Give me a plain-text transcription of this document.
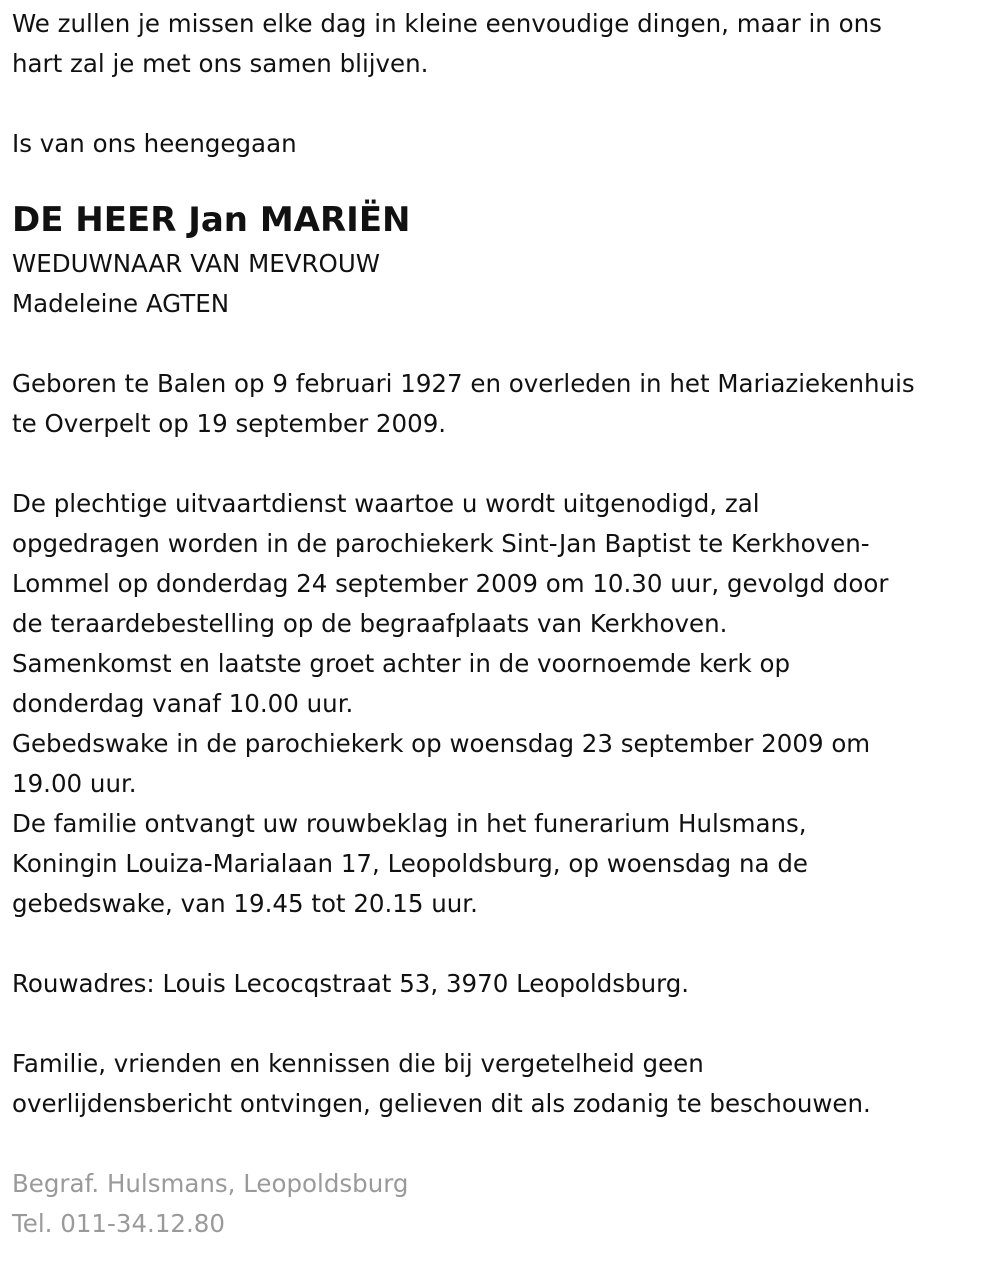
We zullen je missen elke dag in kleine eenvoudige dingen, maar in ons
hart zal je met ons samen blijven.
Is van ons heengegaan
DE HEER Jan MARIËN
WEDUWNAAR VAN MEVROUW
Madeleine AGTEN
Geboren te Balen op 9 februari 1927 en overleden in het Mariaziekenhuis
te Overpelt op 19 september 2009.
De plechtige uitvaartdienst waartoe u wordt uitgenodigd, zal
opgedragen worden in de parochiekerk Sint-Jan Baptist te Kerkhoven-
Lommel op donderdag 24 september 2009 om 10.30 uur, gevolgd door
de teraardebestelling op de begraafplaats van Kerkhoven.
Samenkomst en laatste groet achter in de voornoemde kerk op
donderdag vanaf 10.00 uur.
Gebedswake in de parochiekerk op woensdag 23 september 2009 om
19.00 uur.
De familie ontvangt uw rouwbeklag in het funerarium Hulsmans,
Koningin Louiza-Marialaan 17, Leopoldsburg, op woensdag na de
gebedswake, van 19.45 tot 20.15 uur.
Rouwadres: Louis Lecocqstraat 53, 3970 Leopoldsburg.
Familie, vrienden en kennissen die bij vergetelheid geen
overlijdensbericht ontvingen, gelieven dit als zodanig te beschouwen.
Begraf. Hulsmans, Leopoldsburg
Tel. 011-34.12.80
